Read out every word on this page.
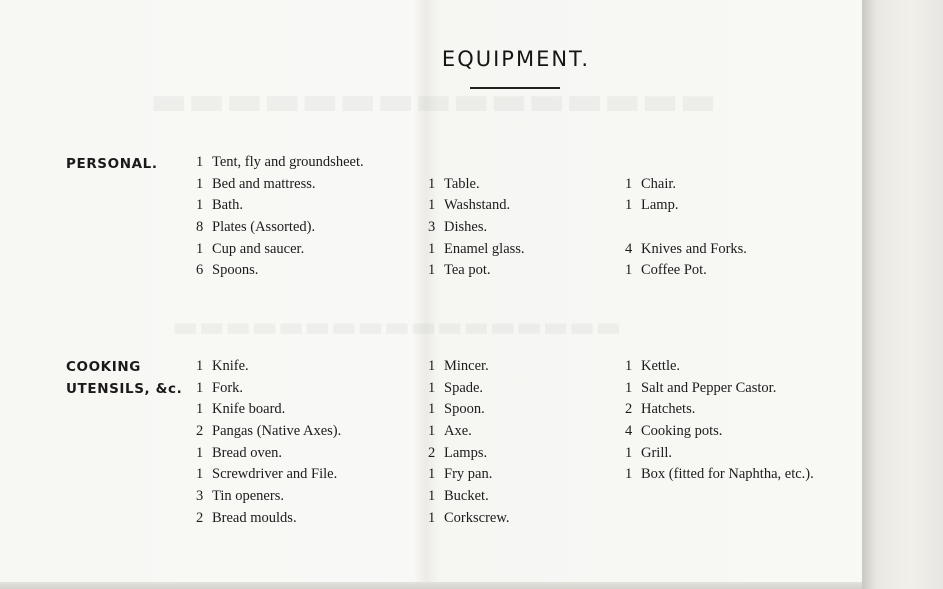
EQUIPMENT.
PERSONAL.	1 Tent, fly and groundsheet.
1 Bed and mattress.
1 Bath.
8 Plates (Assorted).
1 Cup and saucer.
6 Spoons.
1 Table.
1 Washstand.
3 Dishes.
1 Enamel glass.
1 Tea pot.
1 Chair.
1 Lamp.
4 Knives and Forks.
1 Coffee Pot.
COOKING
UTENSILS, &c.
1 Knife.
1 Fork.
1 Knife board.
2 Pangas (Native Axes).
1 Bread oven.
1 Screwdriver and File.
3 Tin openers.
2 Bread moulds.
1 Mincer.
1 Spade.
1 Spoon.
1 Axe.
2 Lamps.
1 Fry pan.
1 Bucket.
1 Corkscrew.
1 Kettle.
1 Salt and Pepper Castor.
2 Hatchets.
4 Cooking pots.
1 Grill.
1 Box (fitted for Naphtha, etc.).
